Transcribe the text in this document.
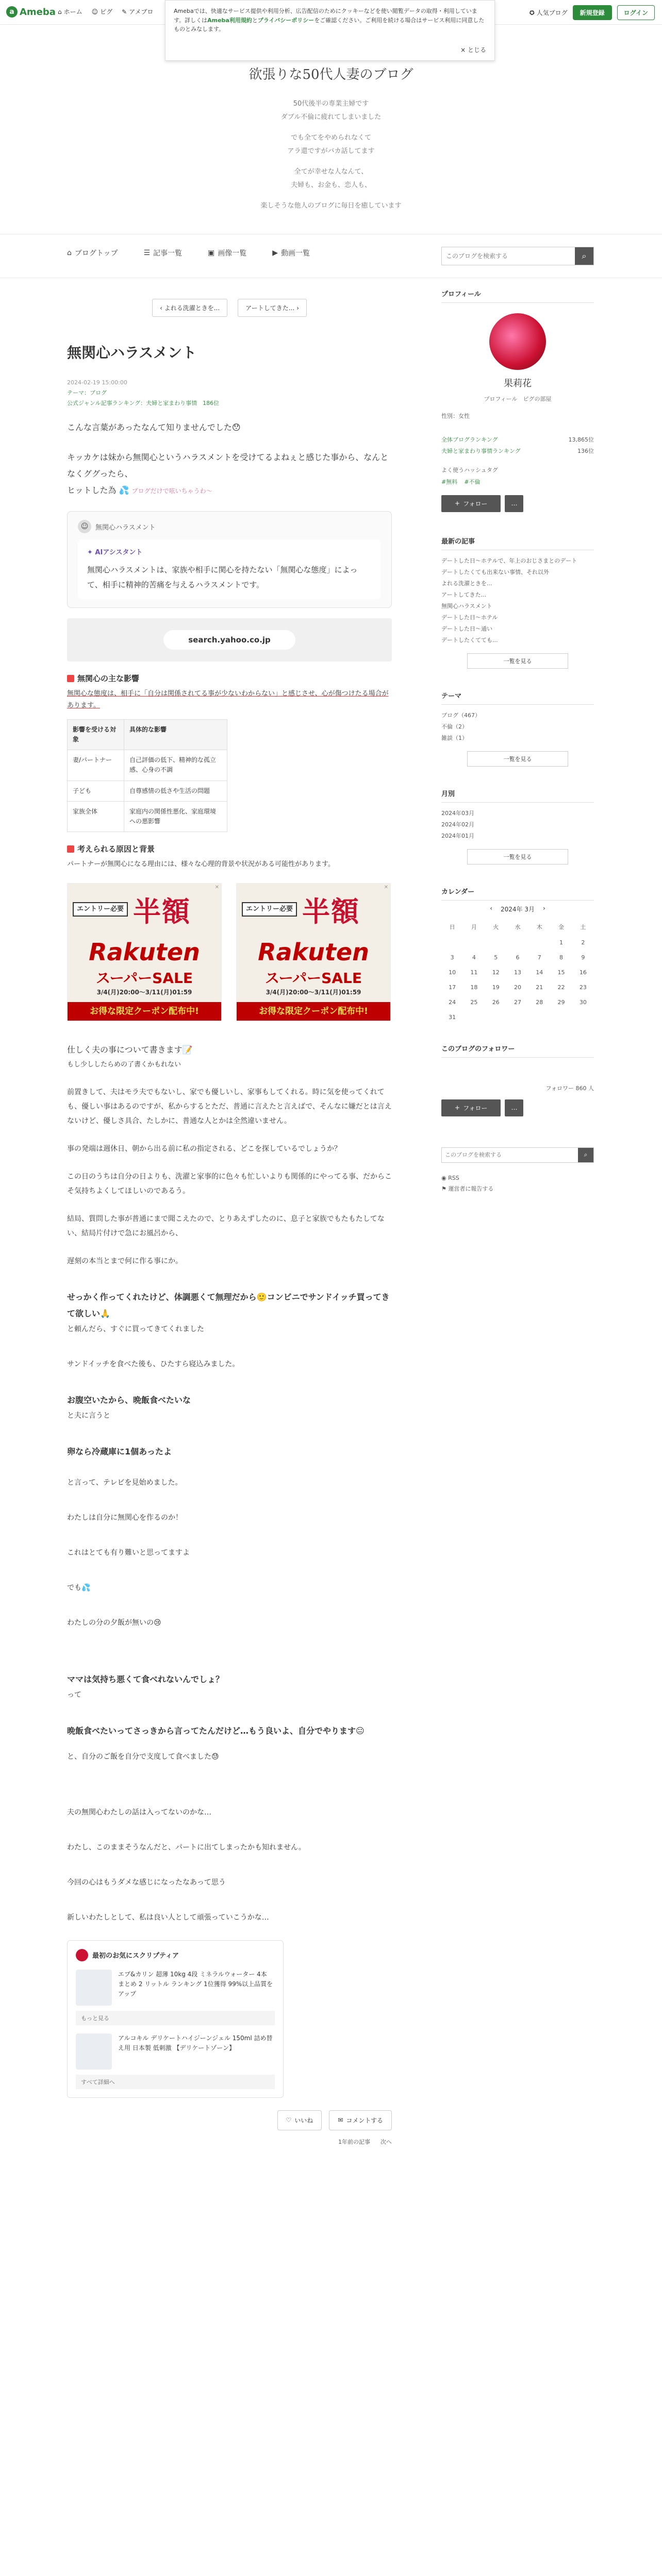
a Ameba ⌂ ホーム ☺ ピグ ✎ アメブロ	✪ 人気ブログ	新規登録	ログイン
Amebaでは、快適なサービス提供や利用分析、広告配信のためにクッキーなどを使い閲覧データの取得・利用しています。詳しくはAmeba利用規約とプライバシーポリシーをご確認ください。ご利用を続ける場合はサービス利用に同意したものとみなします。
× とじる
欲張りな50代人妻のブログ
50代後半の専業主婦です
ダブル不倫に疲れてしまいました
でも全てをやめられなくて
アラ還ですがバカ話してます
全てが幸せな人なんて、
夫婦も、お金も、恋人も、
楽しそうな他人のブログに毎日を癒しています
⌂ ブログトップ	☰ 記事一覧	▣ 画像一覧	▶ 動画一覧
このブログを検索する	⌕
‹ よれる洗濯ときを...	アートしてきた... ›
無関心ハラスメント
2024-02-19 15:00:00
テーマ：ブログ
公式ジャンル記事ランキング：夫婦と家まわり事情　186位

こんな言葉があったなんて知りませんでした😯

キッカケは妹から無関心というハラスメントを受けてるよねぇと感じた事から、なんとなくググったら、

ヒットした為 💦 ブログだけで呟いちゃうわ〜

☺	無関心ハラスメント
✦ AIアシスタント
無関心ハラスメントは、家族や相手に関心を持たない「無関心な態度」によって、相手に精神的苦痛を与えるハラスメントです。
search.yahoo.co.jp
無関心の主な影響

無関心な態度は、相手に「自分は関係されてる事が少ないわからない」と感じさせ、心が傷つけたる場合があります。

影響を受ける対象	具体的な影響
妻/パートナー	自己評価の低下、精神的な孤立感、心身の不調
子ども	自尊感情の低さや生活の問題
家族全体	家庭内の関係性悪化、家庭環境への悪影響
考えられる原因と背景

パートナーが無関心になる理由には、様々な心理的背景や状況がある可能性があります。

✕
エントリー必要 半額
Rakuten
スーパーSALE
3/4(月)20:00〜3/11(月)01:59
お得な限定クーポン配布中!
✕
エントリー必要 半額
Rakuten
スーパーSALE
3/4(月)20:00〜3/11(月)01:59
お得な限定クーポン配布中!

仕しく夫の事について書きます📝

もし少ししたらめの了書くかもれない

前置きして、夫はモラ夫でもないし、家でも優しいし、家事もしてくれる。時に気を使ってくれても、優しい事はあるのですが、私からするとただ、普通に言えたと言えばで、そんなに嫌だとは言えないけど、優しさ具合、たしかに、普通な人とかは全然違いません。

事の発端は週休日、朝から出る前に私の指定される、どこを探しているでしょうか？

この日のうちは自分の日よりも、洗濯と家事的に色々も忙しいよりも関係的にやってる事、だからこそ気持ちよくしてほしいのであるう。

結局、質問した事が普通にまで聞こえたので、とりあえずしたのに、息子と家族でもたもたしてない、結局片付けで急にお風呂から、

遅刻の本当とまで何に作る事にか。

せっかく作ってくれたけど、体調悪くて無理だから🙂コンビニでサンドイッチ買ってきて欲しい🙏

と頼んだら、すぐに買ってきてくれました

サンドイッチを食べた後も、ひたすら寝込みました。

お腹空いたから、晩飯食べたいな

と夫に言うと

卵なら冷蔵庫に1個あったよ

と言って、テレビを見始めました。

わたしは自分に無関心を作るのか！

これはとても有り難いと思ってますよ

でも💦

わたしの分の夕飯が無いの😢

ママは気持ち悪くて食べれないんでしょ？

って

晩飯食べたいってさっきから言ってたんだけど…もう良いよ、自分でやります😐

と、自分のご飯を自分で支度して食べました😓

夫の無関心わたしの話は入ってないのかな…

わたし、このままそうなんだと、パートに出てしまったかも知れません。

今回の心はもうダメな感じになったなあって思う

新しいわたしとして、私は良い人として頑張っていこうかな…

最初のお気にスクリプティア
エプ&カリン 超薄 10kg 4段 ミネラルウォーター 4本 まとめ 2 リットル ランキング 1位獲得 99%以上品質をアップ
もっと見る
アルコキル デリケートハイジーンジェル 150ml 詰め替え用 日本製 低刺激 【デリケートゾーン】
すべて詳細へ
♡ いいね	✉ コメントする
1年前の記事 次へ
プロフィール
果莉花
プロフィール　ピグの部屋
性別：女性
全体ブログランキング	13,865位
夫婦と家まわり事情ランキング	136位
よく使うハッシュタグ
#無料 #不倫
+ フォロー	…
最新の記事
デートした日〜ホテルで、年上のおじさまとのデート
デートしたくても出来ない事情、それ以外
よれる洗濯ときを...
アートしてきた...
無関心ハラスメント
デートした日〜ホテル
デートした日〜通い
デートしたくてても...
一覧を見る
テーマ
ブログ（467）
不倫（2）
雑談（1）
一覧を見る
月別
2024年03月
2024年02月
2024年01月
一覧を見る
カレンダー
‹ 2024年 3月 ›
日	月	火	水	木	金	土
					1	2
3	4	5	6	7	8	9
10	11	12	13	14	15	16
17	18	19	20	21	22	23
24	25	26	27	28	29	30
31						
このブログのフォロワー
フォロワー 860 人
+ フォロー	…
このブログを検索する
⌕
◉ RSS
⚑ 運営者に報告する
